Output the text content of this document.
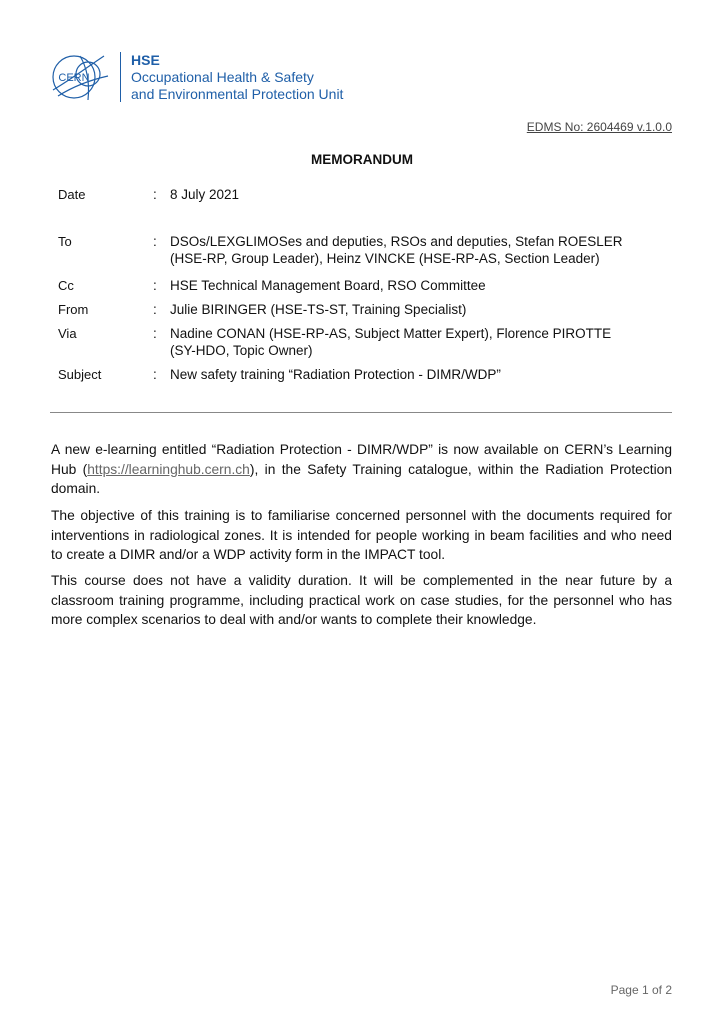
CERN
HSE
Occupational Health & Safety
and Environmental Protection Unit
EDMS No: 2604469 v.1.0.0
MEMORANDUM
Date	: 8 July 2021
To	: DSOs/LEXGLIMOSes and deputies, RSOs and deputies, Stefan ROESLER
(HSE-RP, Group Leader), Heinz VINCKE (HSE-RP-AS, Section Leader)
Cc	: HSE Technical Management Board, RSO Committee
From	: Julie BIRINGER (HSE-TS-ST, Training Specialist)
Via	: Nadine CONAN (HSE-RP-AS, Subject Matter Expert), Florence PIROTTE
(SY-HDO, Topic Owner)
Subject	: New safety training “Radiation Protection - DIMR/WDP”

A new e-learning entitled “Radiation Protection - DIMR/WDP” is now available on CERN’s Learning Hub (https://learninghub.cern.ch), in the Safety Training catalogue, within the Radiation Protection domain.

The objective of this training is to familiarise concerned personnel with the documents required for interventions in radiological zones. It is intended for people working in beam facilities and who need to create a DIMR and/or a WDP activity form in the IMPACT tool.

This course does not have a validity duration. It will be complemented in the near future by a classroom training programme, including practical work on case studies, for the personnel who has more complex scenarios to deal with and/or wants to complete their knowledge.

Page 1 of 2
